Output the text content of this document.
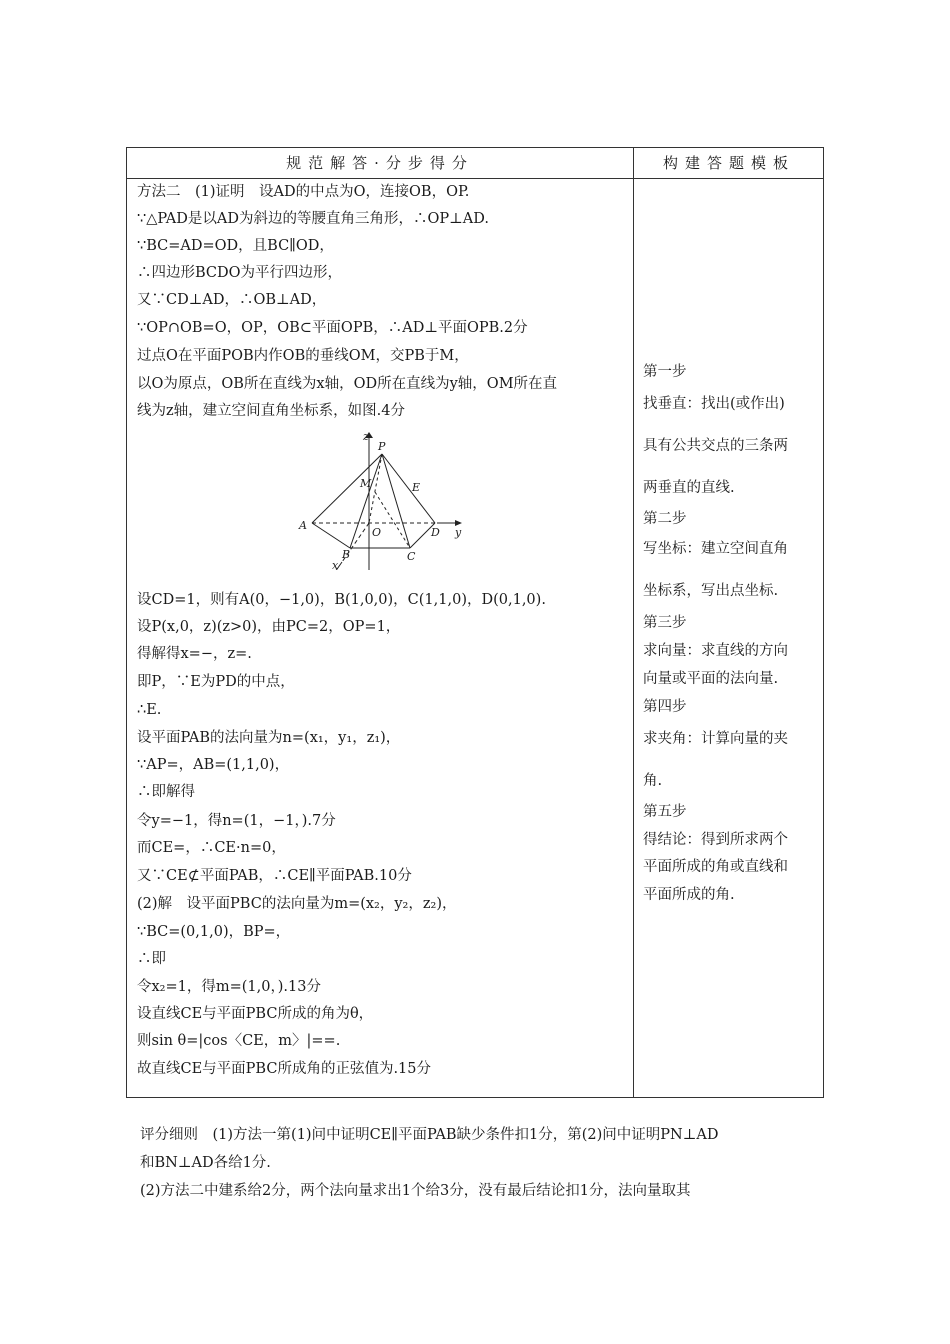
规范解答·分步得分	构建答题模板
方法二　(1)证明　设AD的中点为O，连接OB，OP.
∵△PAD是以AD为斜边的等腰直角三角形，∴OP⊥AD.
∵BC=AD=OD，且BC∥OD，
∴四边形BCDO为平行四边形，
又∵CD⊥AD，∴OB⊥AD，
∵OP∩OB=O，OP，OB⊂平面OPB，∴AD⊥平面OPB.2分
过点O在平面POB内作OB的垂线OM，交PB于M，
以O为原点，OB所在直线为x轴，OD所在直线为y轴，OM所在直
线为z轴，建立空间直角坐标系，如图.4分
z
P
M	E
A
O	D y
B	C
x
设CD=1，则有A(0，−1,0)，B(1,0,0)，C(1,1,0)，D(0,1,0).
设P(x,0，z)(z>0)，由PC=2，OP=1，
得解得x=−，z=.
即P，∵E为PD的中点，
∴E.
设平面PAB的法向量为n=(x₁，y₁，z₁)，
∵AP=，AB=(1,1,0)，
∴即解得
令y=−1，得n=(1，−1，).7分
而CE=，∴CE·n=0，
又∵CE⊄平面PAB，∴CE∥平面PAB.10分
(2)解　设平面PBC的法向量为m=(x₂，y₂，z₂)，
∵BC=(0,1,0)，BP=，
∴即
令x₂=1，得m=(1,0，).13分
设直线CE与平面PBC所成的角为θ，
则sin θ=|cos〈CE，m〉|==.
故直线CE与平面PBC所成角的正弦值为.15分
第一步
找垂直：找出(或作出)
具有公共交点的三条两
两垂直的直线.
第二步
写坐标：建立空间直角
坐标系，写出点坐标.
第三步
求向量：求直线的方向
向量或平面的法向量.
第四步
求夹角：计算向量的夹
角.
第五步
得结论：得到所求两个
平面所成的角或直线和
平面所成的角.
评分细则　(1)方法一第(1)问中证明CE∥平面PAB缺少条件扣1分，第(2)问中证明PN⊥AD
和BN⊥AD各给1分.
(2)方法二中建系给2分，两个法向量求出1个给3分，没有最后结论扣1分，法向量取其
